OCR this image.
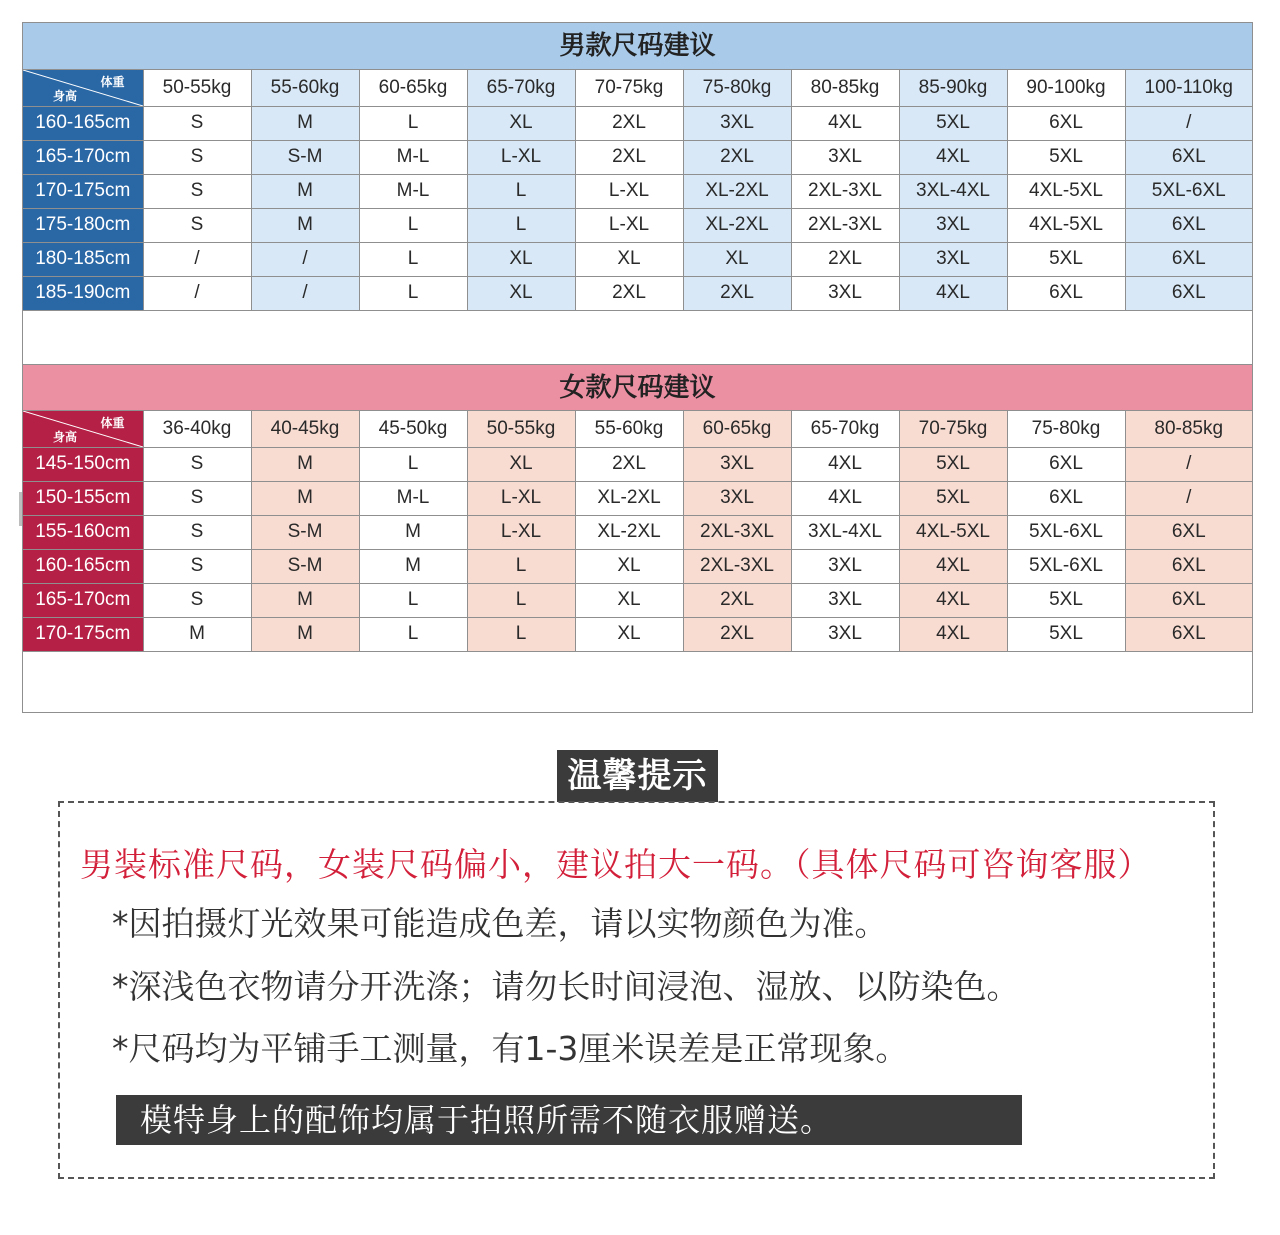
男款尺码建议
体重
身高	50-55kg	55-60kg	60-65kg	65-70kg	70-75kg	75-80kg	80-85kg	85-90kg	90-100kg	100-110kg
160-165cm	S	M	L	XL	2XL	3XL	4XL	5XL	6XL	/
165-170cm	S	S-M	M-L	L-XL	2XL	2XL	3XL	4XL	5XL	6XL
170-175cm	S	M	M-L	L	L-XL	XL-2XL	2XL-3XL	3XL-4XL	4XL-5XL	5XL-6XL
175-180cm	S	M	L	L	L-XL	XL-2XL	2XL-3XL	3XL	4XL-5XL	6XL
180-185cm	/	/	L	XL	XL	XL	2XL	3XL	5XL	6XL
185-190cm	/	/	L	XL	2XL	2XL	3XL	4XL	6XL	6XL
女款尺码建议
体重
身高	36-40kg	40-45kg	45-50kg	50-55kg	55-60kg	60-65kg	65-70kg	70-75kg	75-80kg	80-85kg
145-150cm	S	M	L	XL	2XL	3XL	4XL	5XL	6XL	/
150-155cm	S	M	M-L	L-XL	XL-2XL	3XL	4XL	5XL	6XL	/
155-160cm	S	S-M	M	L-XL	XL-2XL	2XL-3XL	3XL-4XL	4XL-5XL	5XL-6XL	6XL
160-165cm	S	S-M	M	L	XL	2XL-3XL	3XL	4XL	5XL-6XL	6XL
165-170cm	S	M	L	L	XL	2XL	3XL	4XL	5XL	6XL
170-175cm	M	M	L	L	XL	2XL	3XL	4XL	5XL	6XL
温馨提示
男装标准尺码，女装尺码偏小，建议拍大一码。（具体尺码可咨询客服）
*因拍摄灯光效果可能造成色差，请以实物颜色为准。
*深浅色衣物请分开洗涤；请勿长时间浸泡、湿放、以防染色。
*尺码均为平铺手工测量，有1-3厘米误差是正常现象。
模特身上的配饰均属于拍照所需不随衣服赠送。
